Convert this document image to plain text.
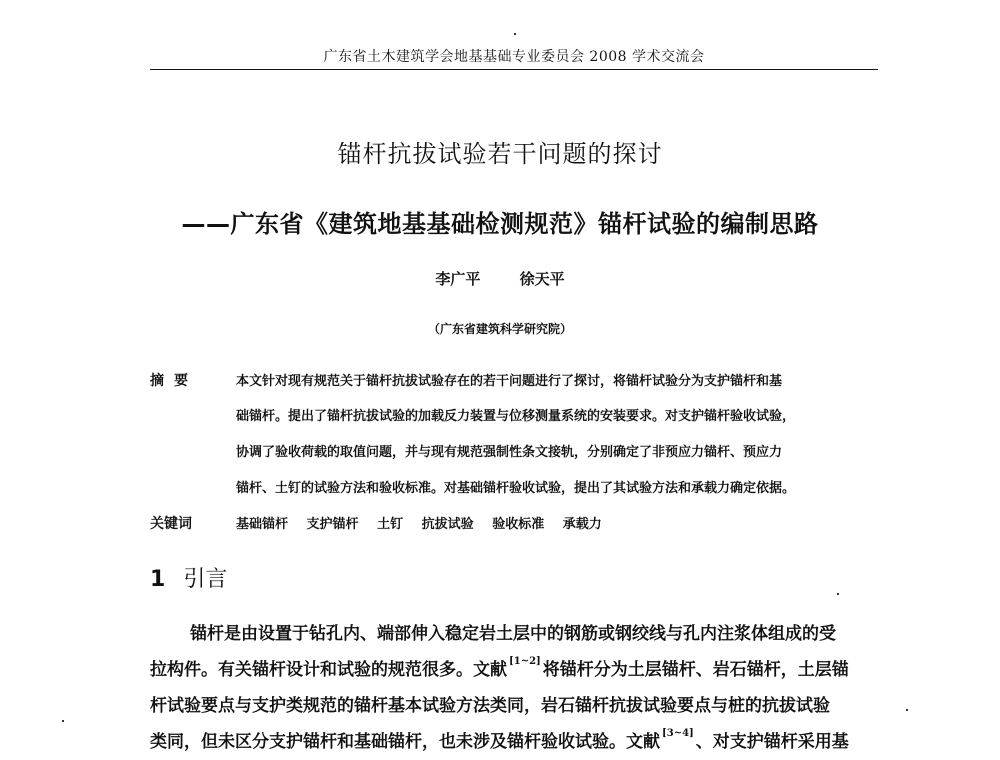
广东省土木建筑学会地基基础专业委员会 2008 学术交流会
锚杆抗拔试验若干问题的探讨
——广东省《建筑地基基础检测规范》锚杆试验的编制思路
李广平	徐天平
（广东省建筑科学研究院）
摘要	本文针对现有规范关于锚杆抗拔试验存在的若干问题进行了探讨，将锚杆试验分为支护锚杆和基
础锚杆。提出了锚杆抗拔试验的加载反力装置与位移测量系统的安装要求。对支护锚杆验收试验，
协调了验收荷载的取值问题，并与现有规范强制性条文接轨，分别确定了非预应力锚杆、预应力
锚杆、土钉的试验方法和验收标准。对基础锚杆验收试验，提出了其试验方法和承载力确定依据。
关键词	基础锚杆 支护锚杆 土钉 抗拔试验 验收标准 承载力
1 引言
锚杆是由设置于钻孔内、端部伸入稳定岩土层中的钢筋或钢绞线与孔内注浆体组成的受
拉构件。有关锚杆设计和试验的规范很多。文献 [1~2] 将锚杆分为土层锚杆、岩石锚杆，土层锚
杆试验要点与支护类规范的锚杆基本试验方法类同，岩石锚杆抗拔试验要点与桩的抗拔试验
类同，但未区分支护锚杆和基础锚杆，也未涉及锚杆验收试验。文献 [3~4] 、对支护锚杆采用基
